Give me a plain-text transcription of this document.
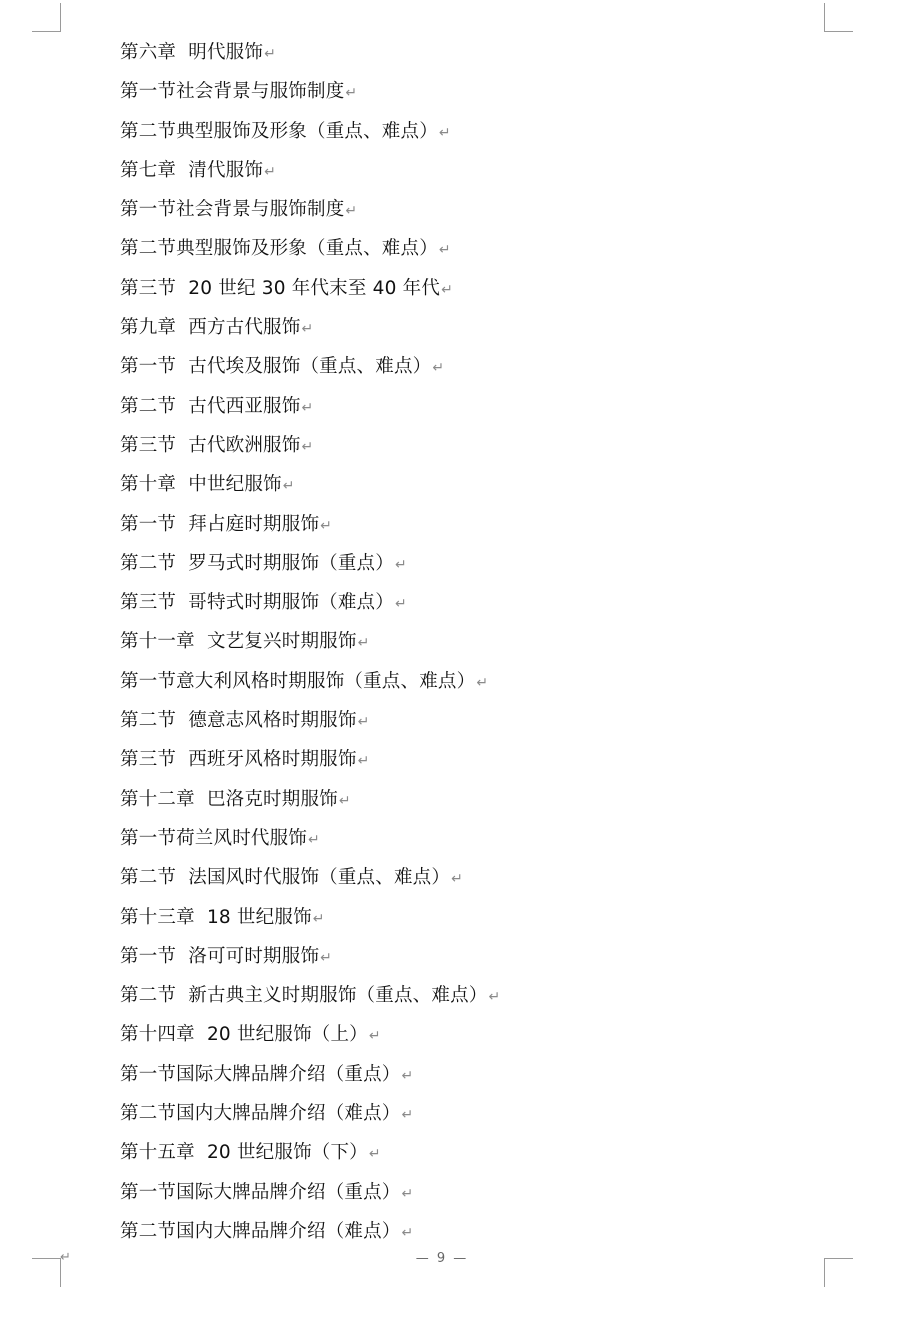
第六章  明代服饰↵
第一节社会背景与服饰制度↵
第二节典型服饰及形象（重点、难点）↵
第七章  清代服饰↵
第一节社会背景与服饰制度↵
第二节典型服饰及形象（重点、难点）↵
第三节  20 世纪 30 年代末至 40 年代↵
第九章  西方古代服饰↵
第一节  古代埃及服饰（重点、难点）↵
第二节  古代西亚服饰↵
第三节  古代欧洲服饰↵
第十章  中世纪服饰↵
第一节  拜占庭时期服饰↵
第二节  罗马式时期服饰（重点）↵
第三节  哥特式时期服饰（难点）↵
第十一章  文艺复兴时期服饰↵
第一节意大利风格时期服饰（重点、难点）↵
第二节  德意志风格时期服饰↵
第三节  西班牙风格时期服饰↵
第十二章  巴洛克时期服饰↵
第一节荷兰风时代服饰↵
第二节  法国风时代服饰（重点、难点）↵
第十三章  18 世纪服饰↵
第一节  洛可可时期服饰↵
第二节  新古典主义时期服饰（重点、难点）↵
第十四章  20 世纪服饰（上）↵
第一节国际大牌品牌介绍（重点）↵
第二节国内大牌品牌介绍（难点）↵
第十五章  20 世纪服饰（下）↵
第一节国际大牌品牌介绍（重点）↵
第二节国内大牌品牌介绍（难点）↵
↵	— 9 —
